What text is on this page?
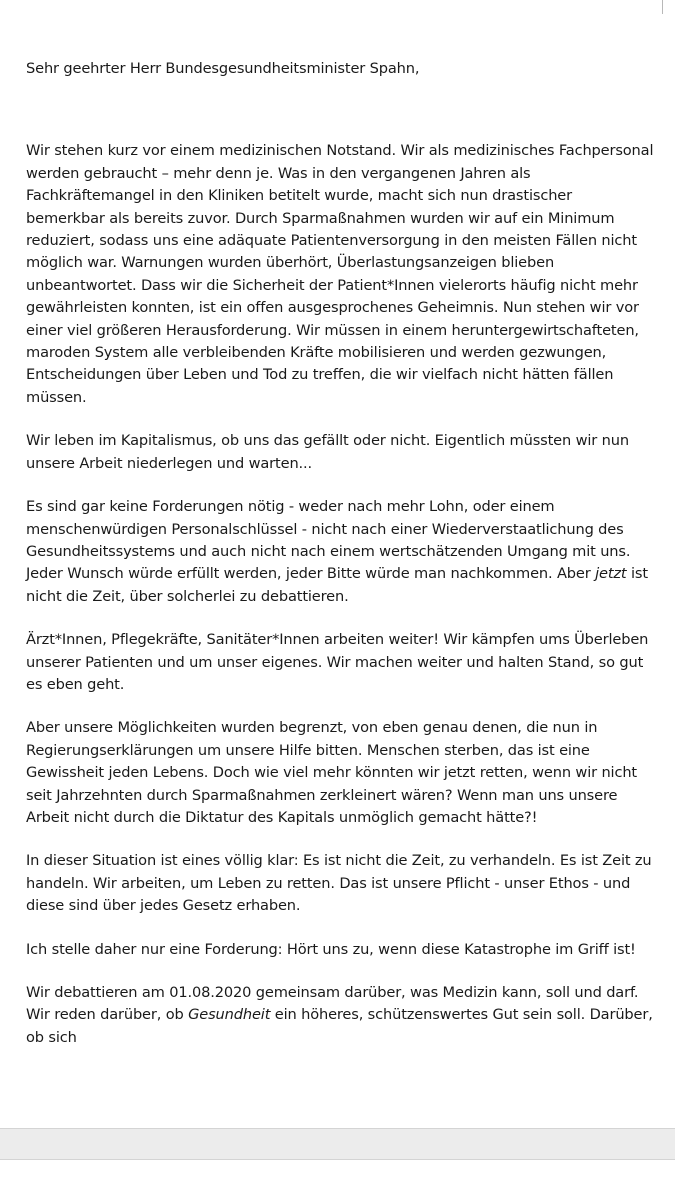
Sehr geehrter Herr Bundesgesundheitsminister Spahn,

Wir stehen kurz vor einem medizinischen Notstand. Wir als medizinisches Fachpersonal werden gebraucht – mehr denn je. Was in den vergangenen Jahren als Fachkräftemangel in den Kliniken betitelt wurde, macht sich nun drastischer bemerkbar als bereits zuvor. Durch Sparmaßnahmen wurden wir auf ein Minimum reduziert, sodass uns eine adäquate Patientenversorgung in den meisten Fällen nicht möglich war. Warnungen wurden überhört, Überlastungsanzeigen blieben unbeantwortet. Dass wir die Sicherheit der Patient*Innen vielerorts häufig nicht mehr gewährleisten konnten, ist ein offen ausgesprochenes Geheimnis. Nun stehen wir vor einer viel größeren Herausforderung. Wir müssen in einem heruntergewirtschafteten, maroden System alle verbleibenden Kräfte mobilisieren und werden gezwungen, Entscheidungen über Leben und Tod zu treffen, die wir vielfach nicht hätten fällen müssen.

Wir leben im Kapitalismus, ob uns das gefällt oder nicht. Eigentlich müssten wir nun unsere Arbeit niederlegen und warten...

Es sind gar keine Forderungen nötig - weder nach mehr Lohn, oder einem menschenwürdigen Personalschlüssel - nicht nach einer Wiederverstaatlichung des Gesundheitssystems und auch nicht nach einem wertschätzenden Umgang mit uns. Jeder Wunsch würde erfüllt werden, jeder Bitte würde man nachkommen. Aber jetzt ist nicht die Zeit, über solcherlei zu debattieren.

Ärzt*Innen, Pflegekräfte, Sanitäter*Innen arbeiten weiter! Wir kämpfen ums Überleben unserer Patienten und um unser eigenes. Wir machen weiter und halten Stand, so gut es eben geht.

Aber unsere Möglichkeiten wurden begrenzt, von eben genau denen, die nun in Regierungserklärungen um unsere Hilfe bitten. Menschen sterben, das ist eine Gewissheit jeden Lebens. Doch wie viel mehr könnten wir jetzt retten, wenn wir nicht seit Jahrzehnten durch Sparmaßnahmen zerkleinert wären? Wenn man uns unsere Arbeit nicht durch die Diktatur des Kapitals unmöglich gemacht hätte?!

In dieser Situation ist eines völlig klar: Es ist nicht die Zeit, zu verhandeln. Es ist Zeit zu handeln. Wir arbeiten, um Leben zu retten. Das ist unsere Pflicht - unser Ethos - und diese sind über jedes Gesetz erhaben.

Ich stelle daher nur eine Forderung: Hört uns zu, wenn diese Katastrophe im Griff ist!

Wir debattieren am 01.08.2020 gemeinsam darüber, was Medizin kann, soll und darf. Wir reden darüber, ob Gesundheit ein höheres, schützenswertes Gut sein soll. Darüber, ob sich
